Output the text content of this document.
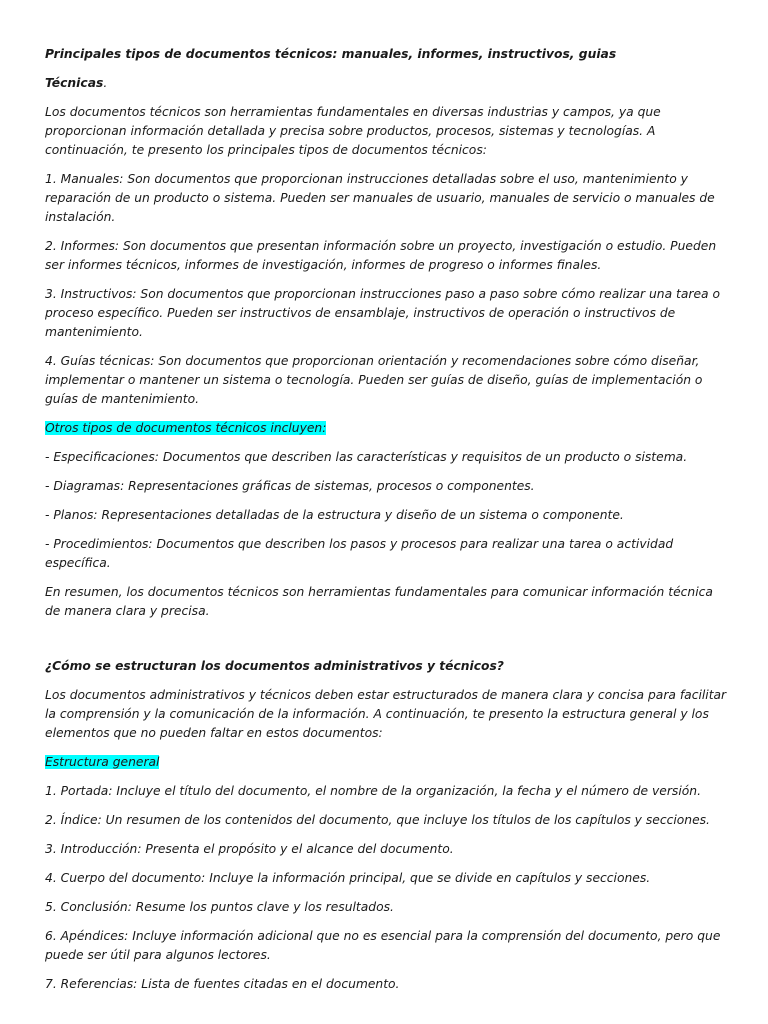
Principales tipos de documentos técnicos: manuales, informes, instructivos, guias

Técnicas.

Los documentos técnicos son herramientas fundamentales en diversas industrias y campos, ya que proporcionan información detallada y precisa sobre productos, procesos, sistemas y tecnologías. A continuación, te presento los principales tipos de documentos técnicos:

1. Manuales: Son documentos que proporcionan instrucciones detalladas sobre el uso, mantenimiento y reparación de un producto o sistema. Pueden ser manuales de usuario, manuales de servicio o manuales de instalación.

2. Informes: Son documentos que presentan información sobre un proyecto, investigación o estudio. Pueden ser informes técnicos, informes de investigación, informes de progreso o informes finales.

3. Instructivos: Son documentos que proporcionan instrucciones paso a paso sobre cómo realizar una tarea o proceso específico. Pueden ser instructivos de ensamblaje, instructivos de operación o instructivos de mantenimiento.

4. Guías técnicas: Son documentos que proporcionan orientación y recomendaciones sobre cómo diseñar, implementar o mantener un sistema o tecnología. Pueden ser guías de diseño, guías de implementación o guías de mantenimiento.

Otros tipos de documentos técnicos incluyen:

- Especificaciones: Documentos que describen las características y requisitos de un producto o sistema.

- Diagramas: Representaciones gráficas de sistemas, procesos o componentes.

- Planos: Representaciones detalladas de la estructura y diseño de un sistema o componente.

- Procedimientos: Documentos que describen los pasos y procesos para realizar una tarea o actividad específica.

En resumen, los documentos técnicos son herramientas fundamentales para comunicar información técnica de manera clara y precisa.

¿Cómo se estructuran los documentos administrativos y técnicos?

Los documentos administrativos y técnicos deben estar estructurados de manera clara y concisa para facilitar la comprensión y la comunicación de la información. A continuación, te presento la estructura general y los elementos que no pueden faltar en estos documentos:

Estructura general

1. Portada: Incluye el título del documento, el nombre de la organización, la fecha y el número de versión.

2. Índice: Un resumen de los contenidos del documento, que incluye los títulos de los capítulos y secciones.

3. Introducción: Presenta el propósito y el alcance del documento.

4. Cuerpo del documento: Incluye la información principal, que se divide en capítulos y secciones.

5. Conclusión: Resume los puntos clave y los resultados.

6. Apéndices: Incluye información adicional que no es esencial para la comprensión del documento, pero que puede ser útil para algunos lectores.

7. Referencias: Lista de fuentes citadas en el documento.
